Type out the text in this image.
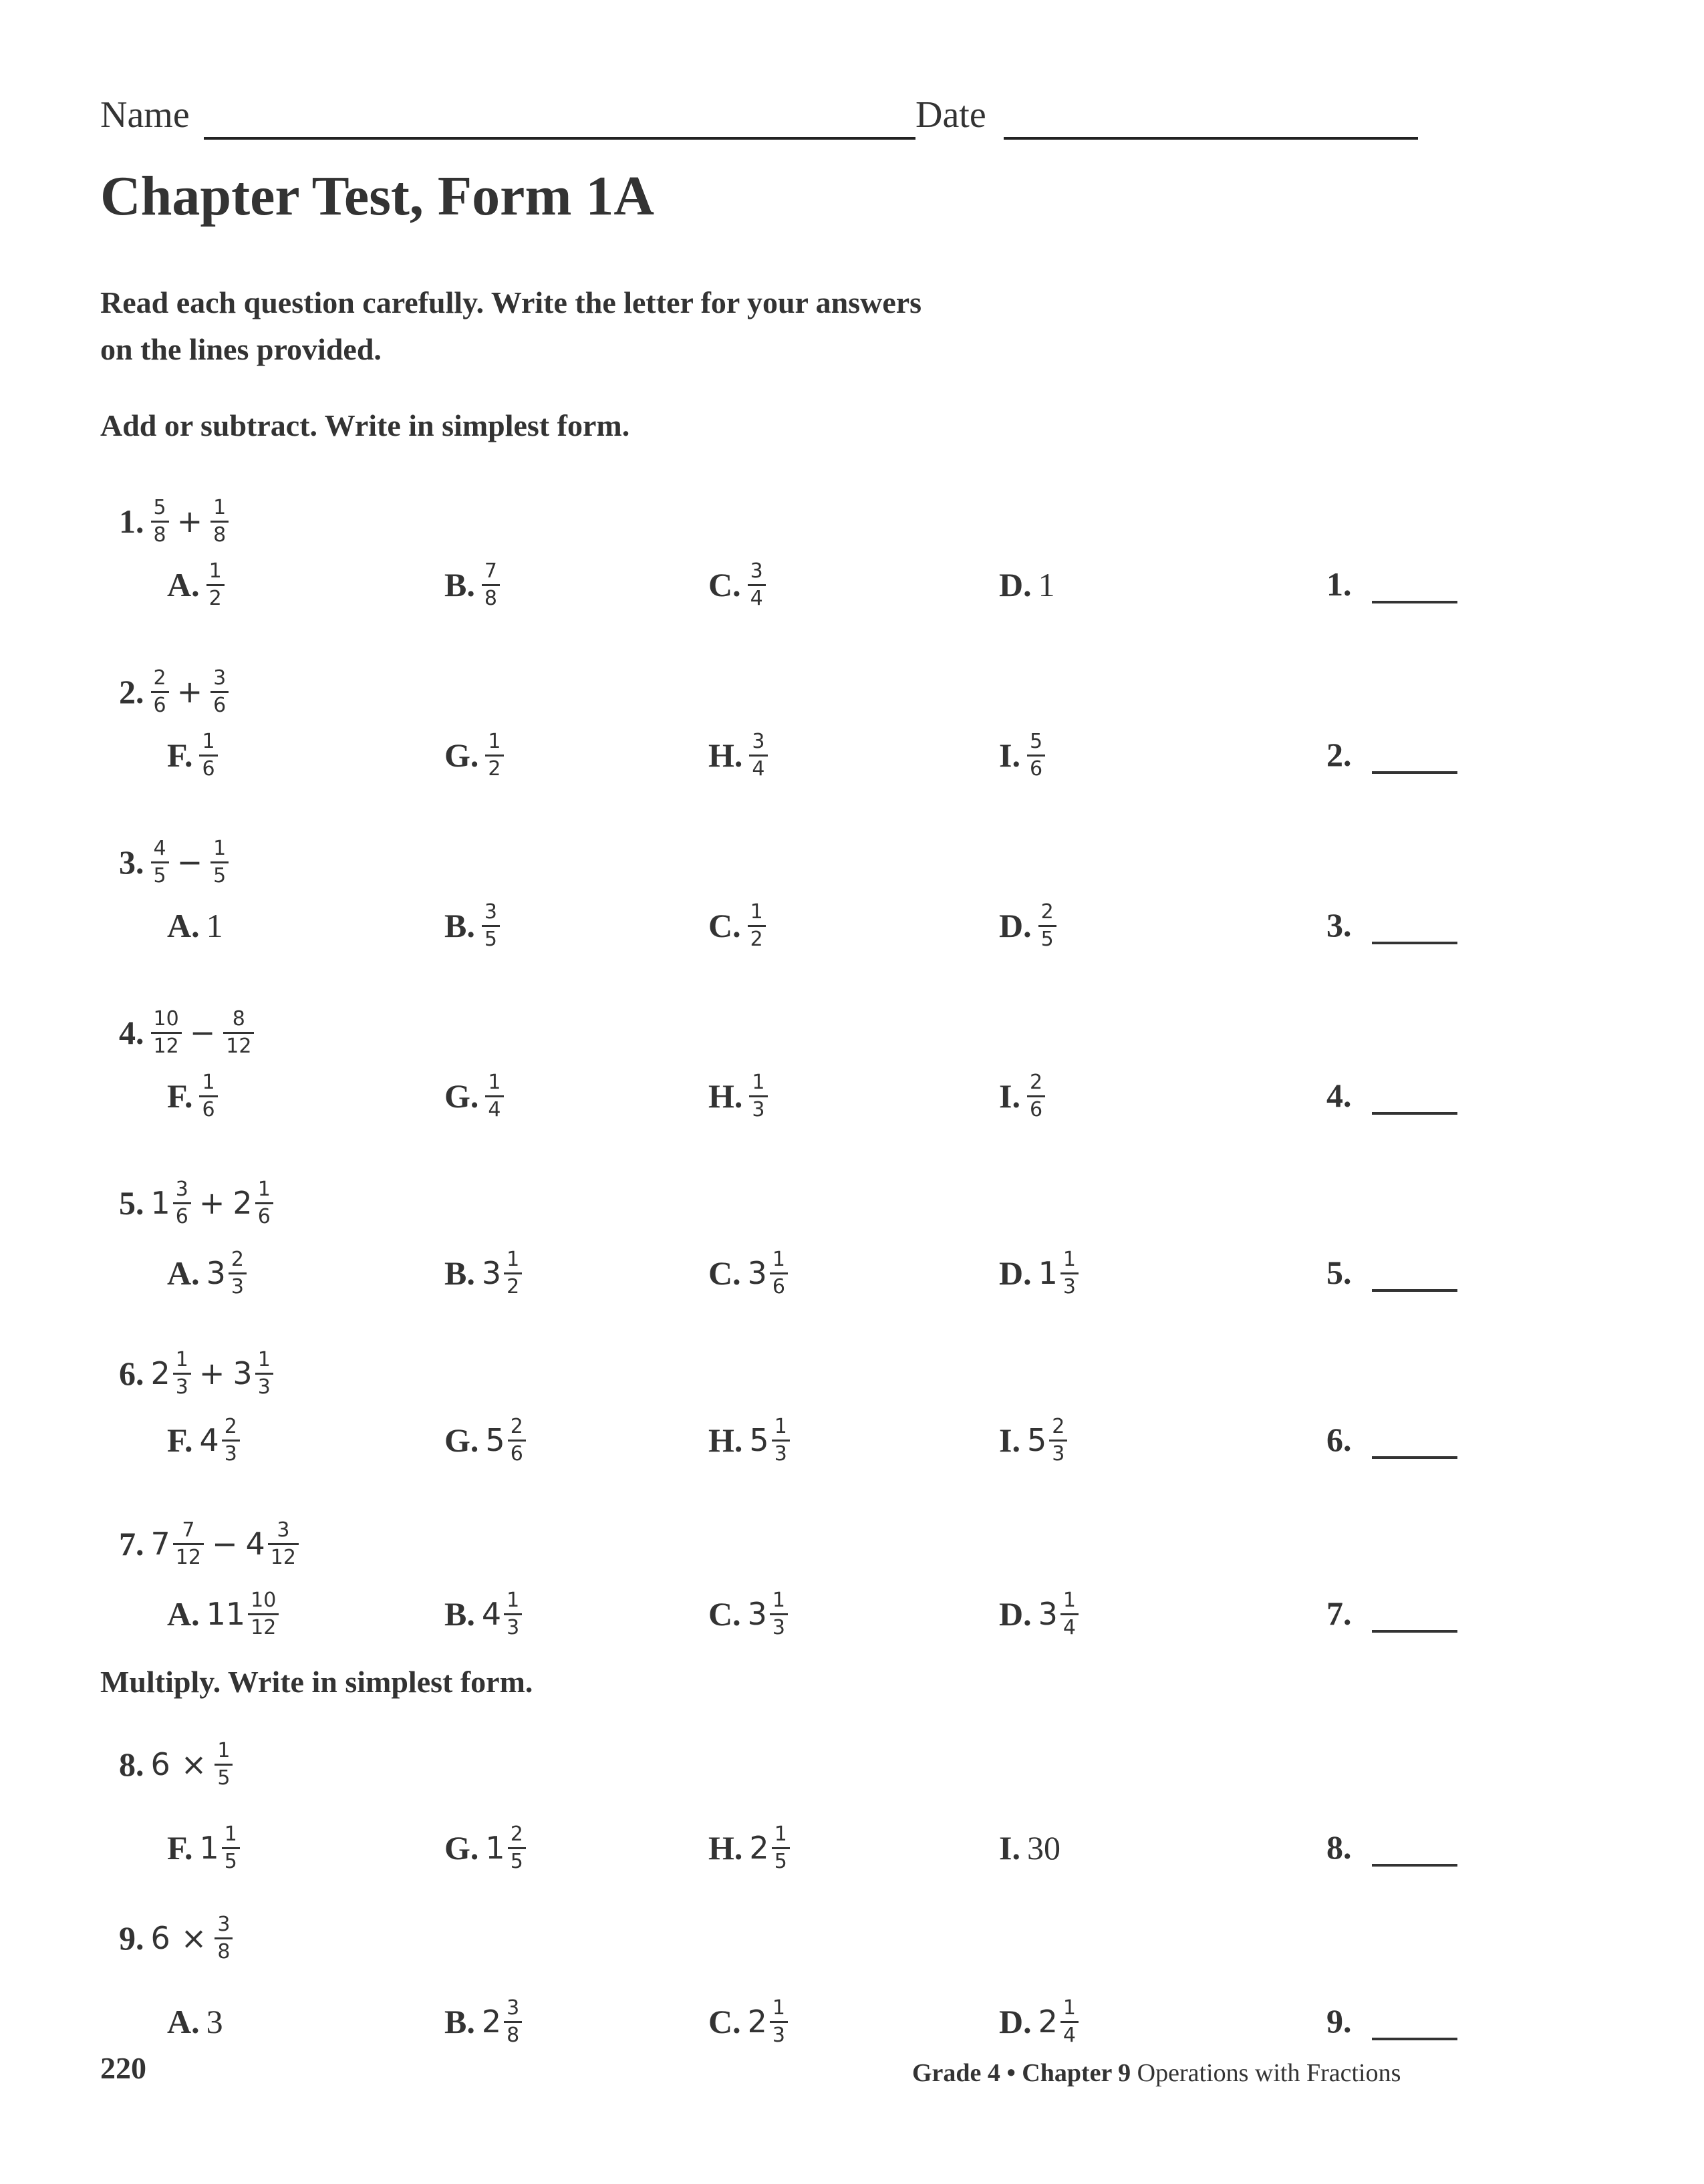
Name	Date
Chapter Test, Form 1A
Read each question carefully. Write the letter for your answers
on the lines provided.
Add or subtract. Write in simplest form.
Multiply. Write in simplest form.
1. $\frac{5}{8} + \frac{1}{8}$
A. $\frac{1}{2}$	B. $\frac{7}{8}$	C. $\frac{3}{4}$	D. 1	1.
2. $\frac{2}{6} + \frac{3}{6}$
F. $\frac{1}{6}$	G. $\frac{1}{2}$	H. $\frac{3}{4}$	I. $\frac{5}{6}$	2.
3. $\frac{4}{5} - \frac{1}{5}$
A. 1	B. $\frac{3}{5}$	C. $\frac{1}{2}$	D. $\frac{2}{5}$	3.
4. $\frac{10}{12} - \frac{8}{12}$
F. $\frac{1}{6}$	G. $\frac{1}{4}$	H. $\frac{1}{3}$	I. $\frac{2}{6}$	4.
5. $1 \frac{3}{6} + 2 \frac{1}{6}$
A. $3 \frac{2}{3}$	B. $3 \frac{1}{2}$	C. $3 \frac{1}{6}$	D. $1 \frac{1}{3}$	5.
6. $2 \frac{1}{3} + 3 \frac{1}{3}$
F. $4 \frac{2}{3}$	G. $5 \frac{2}{6}$	H. $5 \frac{1}{3}$	I. $5 \frac{2}{3}$	6.
7. $7 \frac{7}{12} - 4 \frac{3}{12}$
A. $11 \frac{10}{12}$	B. $4 \frac{1}{3}$	C. $3 \frac{1}{3}$	D. $3 \frac{1}{4}$	7.
8. $6 \times \frac{1}{5}$
F. $1 \frac{1}{5}$	G. $1 \frac{2}{5}$	H. $2 \frac{1}{5}$	I. 30	8.
9. $6 \times \frac{3}{8}$
A. 3	B. $2 \frac{3}{8}$	C. $2 \frac{1}{3}$	D. $2 \frac{1}{4}$	9.
220	Grade 4 • Chapter 9 Operations with Fractions
